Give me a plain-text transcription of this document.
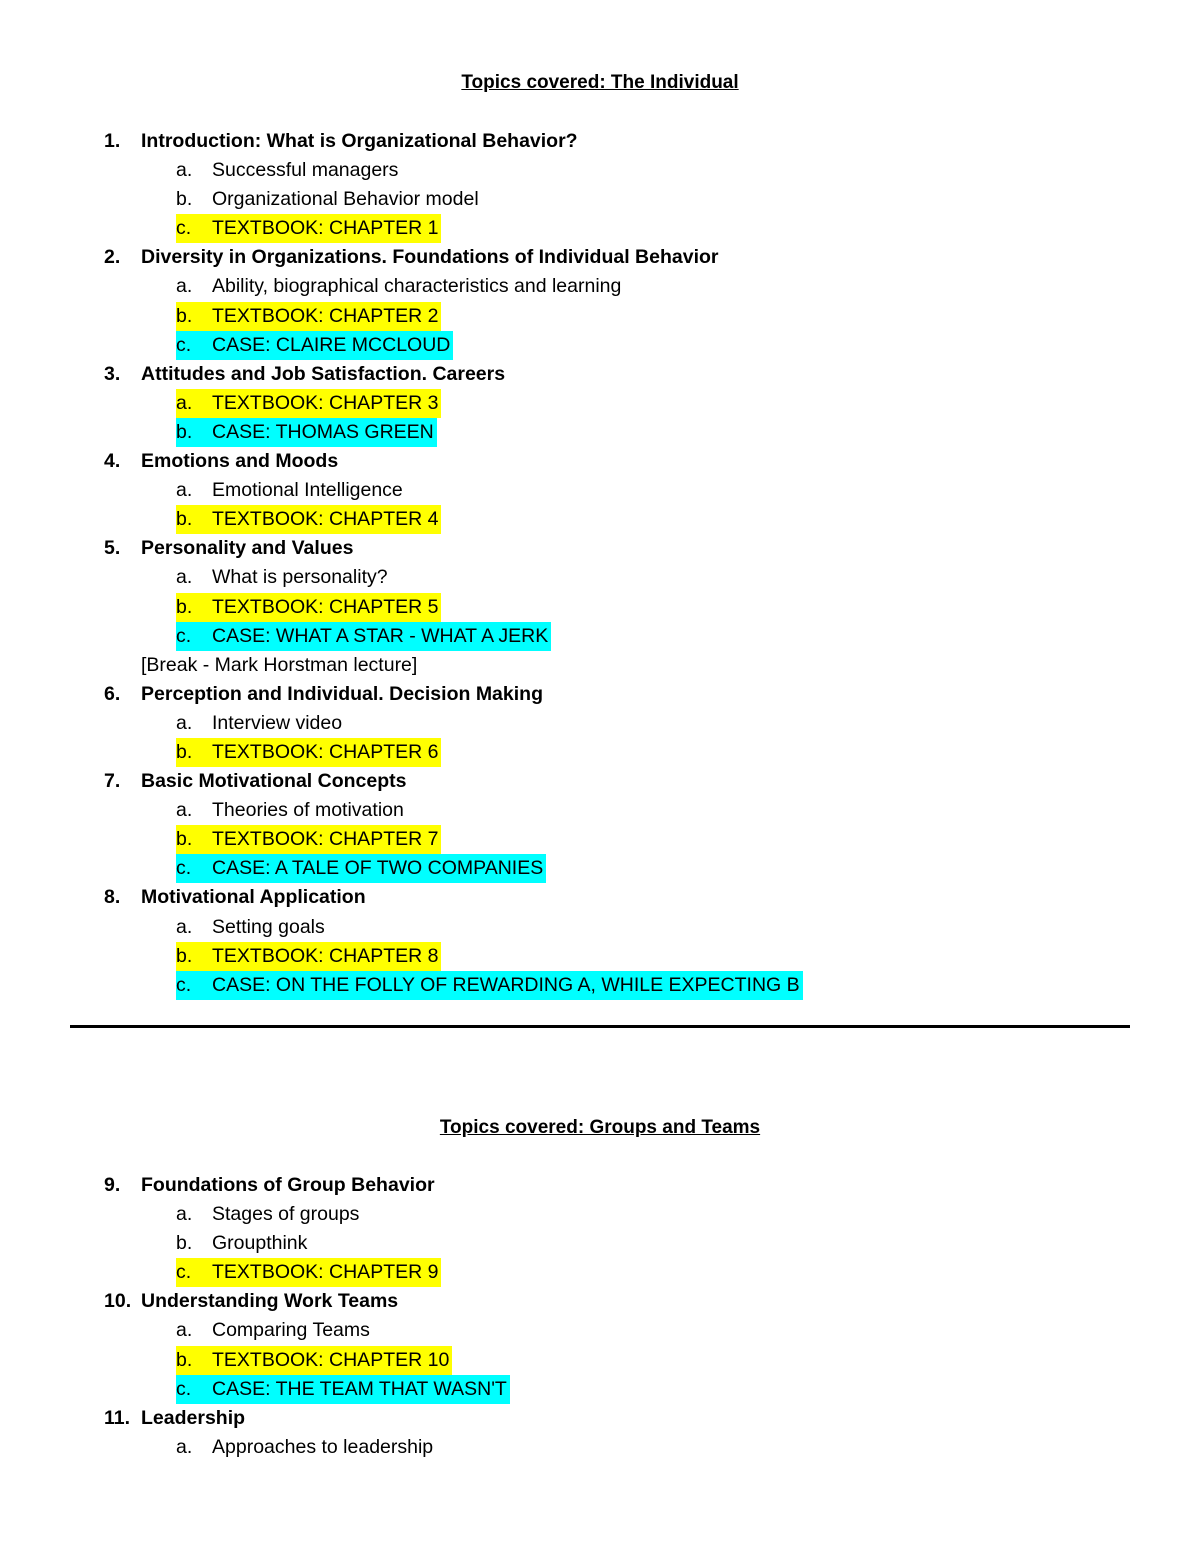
Topics covered: The Individual
1.	Introduction: What is Organizational Behavior?
a. Successful managers
b. Organizational Behavior model
c. TEXTBOOK: CHAPTER 1
2.	Diversity in Organizations. Foundations of Individual Behavior
a. Ability, biographical characteristics and learning
b. TEXTBOOK: CHAPTER 2
c. CASE: CLAIRE MCCLOUD
3.	Attitudes and Job Satisfaction. Careers
a. TEXTBOOK: CHAPTER 3
b. CASE: THOMAS GREEN
4.	Emotions and Moods
a. Emotional Intelligence
b. TEXTBOOK: CHAPTER 4
5.	Personality and Values
a. What is personality?
b. TEXTBOOK: CHAPTER 5
c. CASE: WHAT A STAR - WHAT A JERK
[Break - Mark Horstman lecture]
6.	Perception and Individual. Decision Making
a. Interview video
b. TEXTBOOK: CHAPTER 6
7.	Basic Motivational Concepts
a. Theories of motivation
b. TEXTBOOK: CHAPTER 7
c. CASE: A TALE OF TWO COMPANIES
8.	Motivational Application
a. Setting goals
b. TEXTBOOK: CHAPTER 8
c. CASE: ON THE FOLLY OF REWARDING A, WHILE EXPECTING B
Topics covered: Groups and Teams
9.	Foundations of Group Behavior
a. Stages of groups
b. Groupthink
c. TEXTBOOK: CHAPTER 9
10. Understanding Work Teams
a. Comparing Teams
b. TEXTBOOK: CHAPTER 10
c. CASE: THE TEAM THAT WASN'T
11. Leadership
a. Approaches to leadership
